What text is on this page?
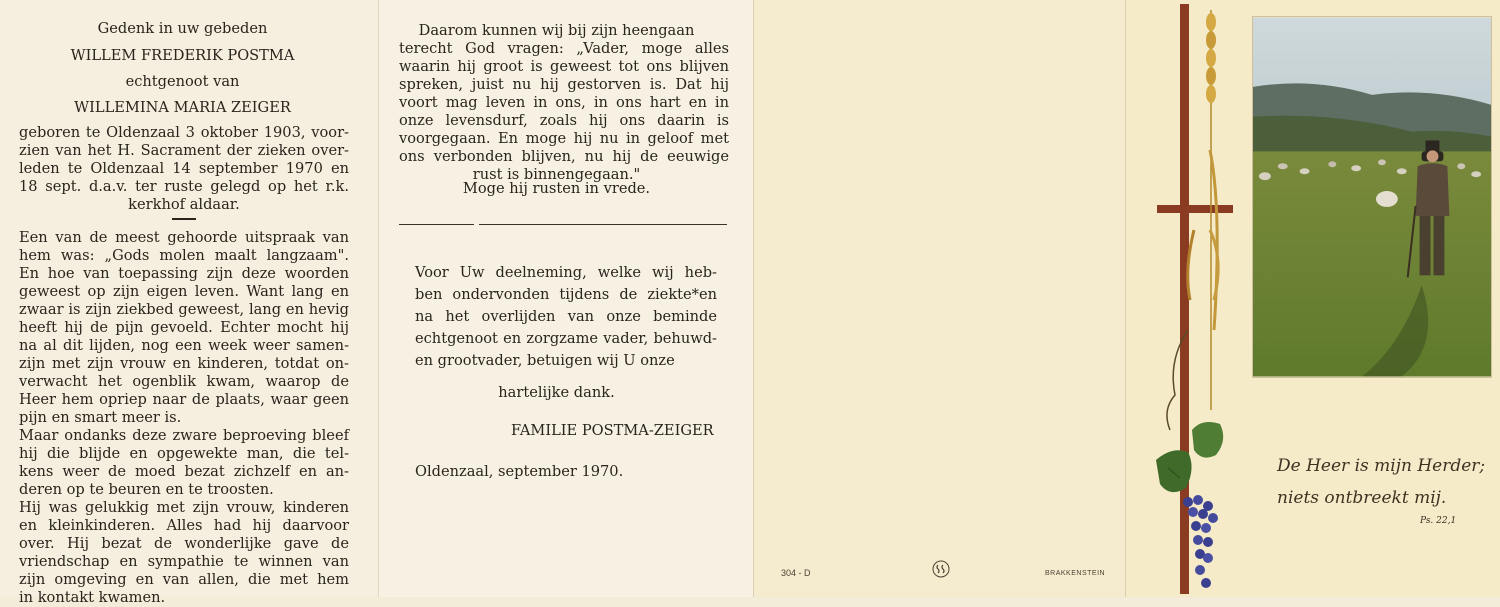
Gedenk in uw gebeden
WILLEM FREDERIK POSTMA
echtgenoot van
WILLEMINA MARIA ZEIGER
geboren te Oldenzaal 3 oktober 1903, voor-
zien van het H. Sacrament der zieken over-
leden te Oldenzaal 14 september 1970 en
18 sept. d.a.v. ter ruste gelegd op het r.k.
kerkhof aldaar.
Een van de meest gehoorde uitspraak van
hem was: „Gods molen maalt langzaam".
En hoe van toepassing zijn deze woorden
geweest op zijn eigen leven. Want lang en
zwaar is zijn ziekbed geweest, lang en hevig
heeft hij de pijn gevoeld. Echter mocht hij
na al dit lijden, nog een week weer samen-
zijn met zijn vrouw en kinderen, totdat on-
verwacht het ogenblik kwam, waarop de
Heer hem opriep naar de plaats, waar geen
pijn en smart meer is.
Maar ondanks deze zware beproeving bleef
hij die blijde en opgewekte man, die tel-
kens weer de moed bezat zichzelf en an-
deren op te beuren en te troosten.
Hij was gelukkig met zijn vrouw, kinderen
en kleinkinderen. Alles had hij daarvoor
over. Hij bezat de wonderlijke gave de
vriendschap en sympathie te winnen van
zijn omgeving en van allen, die met hem
in kontakt kwamen.
Daarom kunnen wij bij zijn heengaan
terecht God vragen: „Vader, moge alles
waarin hij groot is geweest tot ons blijven
spreken, juist nu hij gestorven is. Dat hij
voort mag leven in ons, in ons hart en in
onze levensdurf, zoals hij ons daarin is
voorgegaan. En moge hij nu in geloof met
ons verbonden blijven, nu hij de eeuwige
rust is binnengegaan."
Moge hij rusten in vrede.
Voor Uw deelneming, welke wij heb-
ben ondervonden tijdens de ziekte*en
na het overlijden van onze beminde
echtgenoot en zorgzame vader, behuwd-
en grootvader, betuigen wij U onze
hartelijke dank.
FAMILIE POSTMA-ZEIGER
Oldenzaal, september 1970.
304 - D	BRAKKENSTEIN
De Heer is mijn Herder;
niets ontbreekt mij.
Ps. 22,1
